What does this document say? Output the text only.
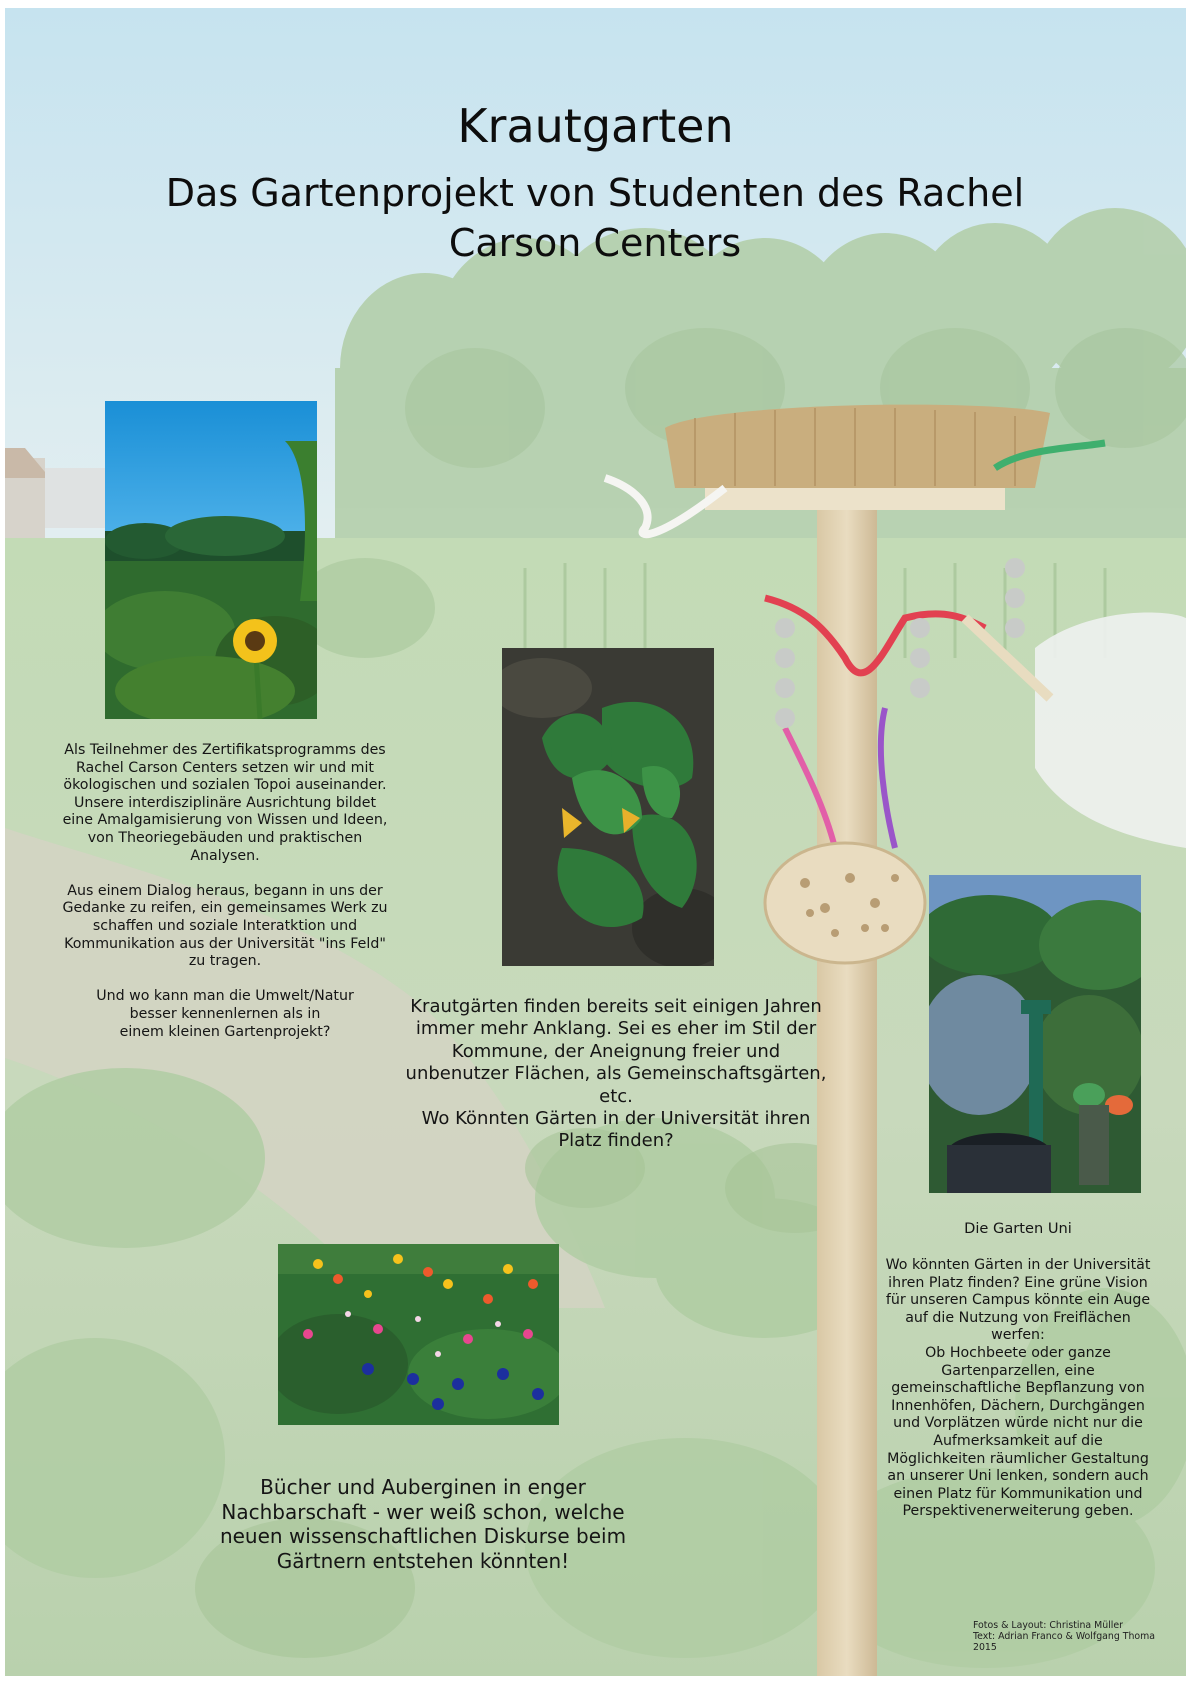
Krautgarten
Das Gartenprojekt von Studenten des Rachel Carson Centers
Als Teilnehmer des Zertifikatsprogramms des
Rachel Carson Centers setzen wir und mit
ökologischen und sozialen Topoi auseinander.
Unsere interdisziplinäre Ausrichtung bildet
eine Amalgamisierung von Wissen und Ideen,
von Theoriegebäuden und praktischen
Analysen.

Aus einem Dialog heraus, begann in uns der
Gedanke zu reifen, ein gemeinsames Werk zu
schaffen und soziale Interatktion und
Kommunikation aus der Universität "ins Feld"
zu tragen.

Und wo kann man die Umwelt/Natur
besser kennenlernen als in
einem kleinen Gartenprojekt?
Krautgärten finden bereits seit einigen Jahren
immer mehr Anklang. Sei es eher im Stil der
Kommune, der Aneignung freier und
unbenutzer Flächen, als Gemeinschaftsgärten,
etc.
Wo Könnten Gärten in der Universität ihren
Platz finden?
Die Garten Uni
Wo könnten Gärten in der Universität
ihren Platz finden? Eine grüne Vision
für unseren Campus könnte ein Auge
auf die Nutzung von Freiflächen
werfen:
Ob Hochbeete oder ganze
Gartenparzellen, eine
gemeinschaftliche Bepflanzung von
Innenhöfen, Dächern, Durchgängen
und Vorplätzen würde nicht nur die
Aufmerksamkeit auf die
Möglichkeiten räumlicher Gestaltung
an unserer Uni lenken, sondern auch
einen Platz für Kommunikation und
Perspektivenerweiterung geben.
Bücher und Auberginen in enger
Nachbarschaft - wer weiß schon, welche
neuen wissenschaftlichen Diskurse beim
Gärtnern entstehen könnten!
Fotos & Layout: Christina Müller
Text: Adrian Franco & Wolfgang Thoma
2015
